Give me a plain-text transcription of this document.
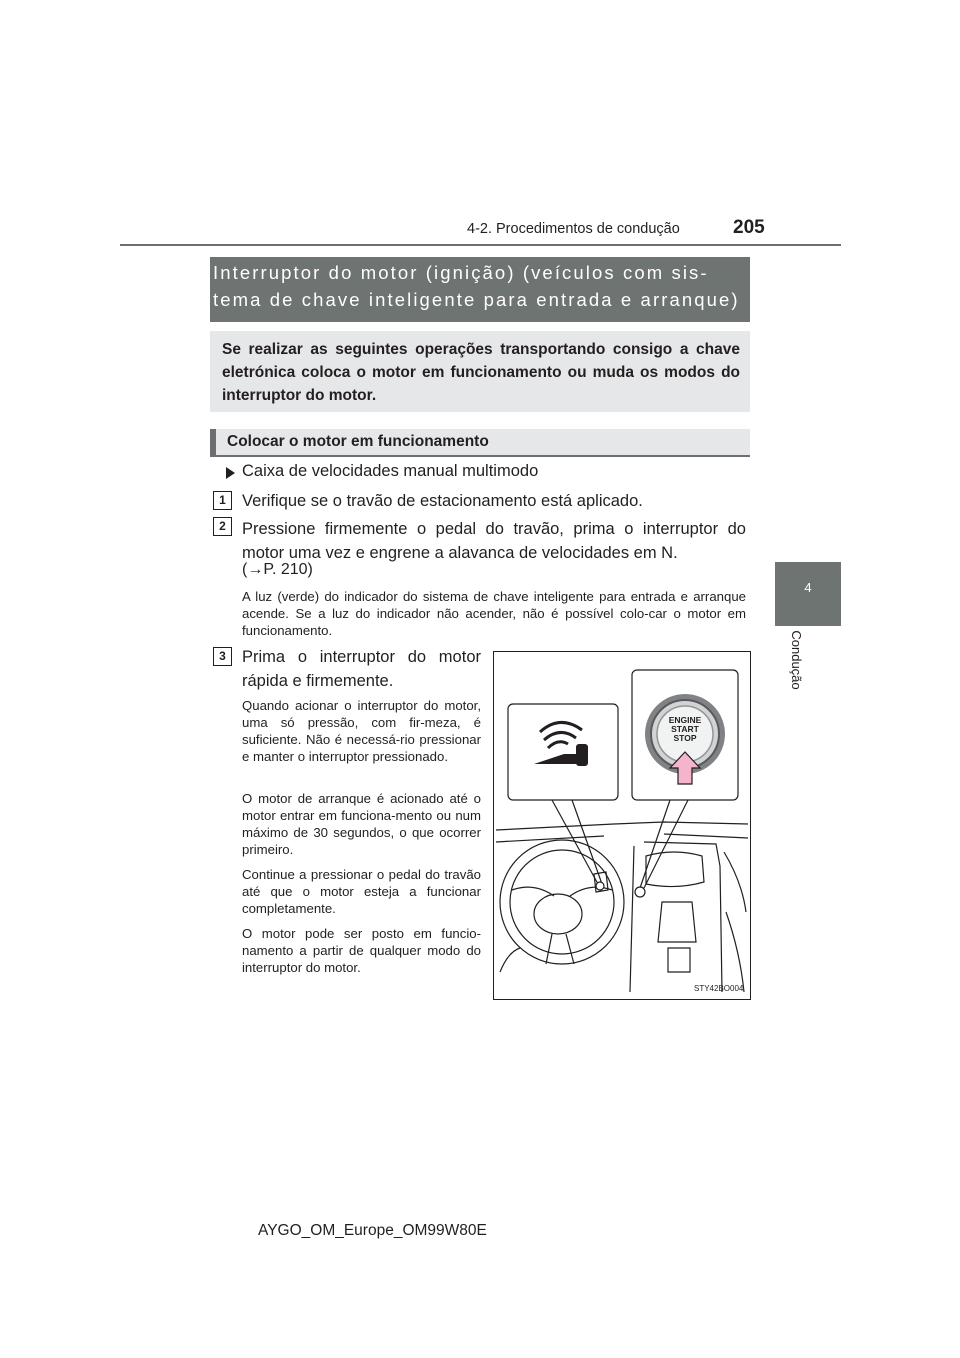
4-2. Procedimentos de condução	205
4
Condução
Interruptor do motor (ignição) (veículos com sis-
tema de chave inteligente para entrada e arranque)
Se realizar as seguintes operações transportando consigo a chave eletrónica coloca o motor em funcionamento ou muda os modos do interruptor do motor.
Colocar o motor em funcionamento
Caixa de velocidades manual multimodo
1 Verifique se o travão de estacionamento está aplicado.
2 Pressione firmemente o pedal do travão, prima o interruptor do motor uma vez e engrene a alavanca de velocidades em N.
(→P. 210)
A luz (verde) do indicador do sistema de chave inteligente para entrada e arranque acende. Se a luz do indicador não acender, não é possível colo-car o motor em funcionamento.
3 Prima o interruptor do motor rápida e firmemente.
Quando acionar o interruptor do motor, uma só pressão, com fir-meza, é suficiente. Não é necessá-rio pressionar e manter o interruptor pressionado.
O motor de arranque é acionado até o motor entrar em funciona-mento ou num máximo de 30 segundos, o que ocorrer primeiro.
Continue a pressionar o pedal do travão até que o motor esteja a funcionar completamente.
O motor pode ser posto em funcio-namento a partir de qualquer modo do interruptor do motor.
ENGINE
START
STOP
STY42BO004
AYGO_OM_Europe_OM99W80E
